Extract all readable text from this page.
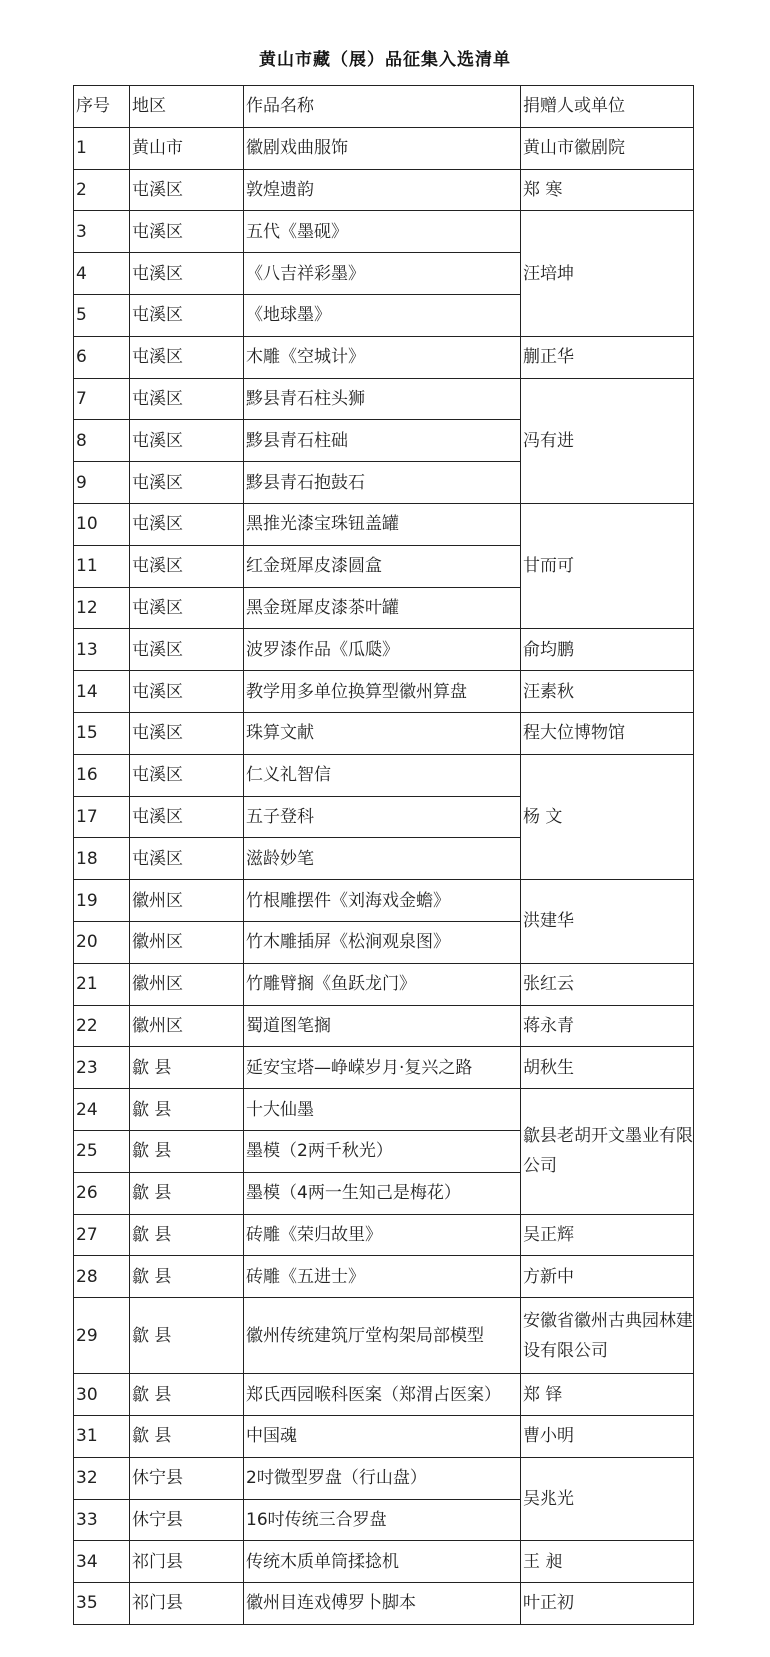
黄山市藏（展）品征集入选清单
序号	地区	作品名称	捐赠人或单位
1	黄山市	徽剧戏曲服饰	黄山市徽剧院
2	屯溪区	敦煌遗韵	郑 寒
3	屯溪区	五代《墨砚》	汪培坤
4	屯溪区	《八吉祥彩墨》	
5	屯溪区	《地球墨》	
6	屯溪区	木雕《空城计》	蒯正华
7	屯溪区	黟县青石柱头狮	冯有进
8	屯溪区	黟县青石柱础	
9	屯溪区	黟县青石抱鼓石	
10	屯溪区	黑推光漆宝珠钮盖罐	甘而可
11	屯溪区	红金斑犀皮漆圆盒	
12	屯溪区	黑金斑犀皮漆茶叶罐	
13	屯溪区	波罗漆作品《瓜瓞》	俞均鹏
14	屯溪区	教学用多单位换算型徽州算盘	汪素秋
15	屯溪区	珠算文献	程大位博物馆
16	屯溪区	仁义礼智信	杨 文
17	屯溪区	五子登科	
18	屯溪区	滋龄妙笔	
19	徽州区	竹根雕摆件《刘海戏金蟾》	洪建华
20	徽州区	竹木雕插屏《松涧观泉图》	
21	徽州区	竹雕臂搁《鱼跃龙门》	张红云
22	徽州区	蜀道图笔搁	蒋永青
23	歙 县	延安宝塔—峥嵘岁月·复兴之路	胡秋生
24	歙 县	十大仙墨	歙县老胡开文墨业有限公司
25	歙 县	墨模（2两千秋光）	
26	歙 县	墨模（4两一生知己是梅花）	
27	歙 县	砖雕《荣归故里》	吴正辉
28	歙 县	砖雕《五进士》	方新中
29	歙 县	徽州传统建筑厅堂构架局部模型	安徽省徽州古典园林建设有限公司
30	歙 县	郑氏西园喉科医案（郑渭占医案）	郑 铎
31	歙 县	中国魂	曹小明
32	休宁县	2吋微型罗盘（行山盘）	吴兆光
33	休宁县	16吋传统三合罗盘	
34	祁门县	传统木质单筒揉捻机	王 昶
35	祁门县	徽州目连戏傅罗卜脚本	叶正初
